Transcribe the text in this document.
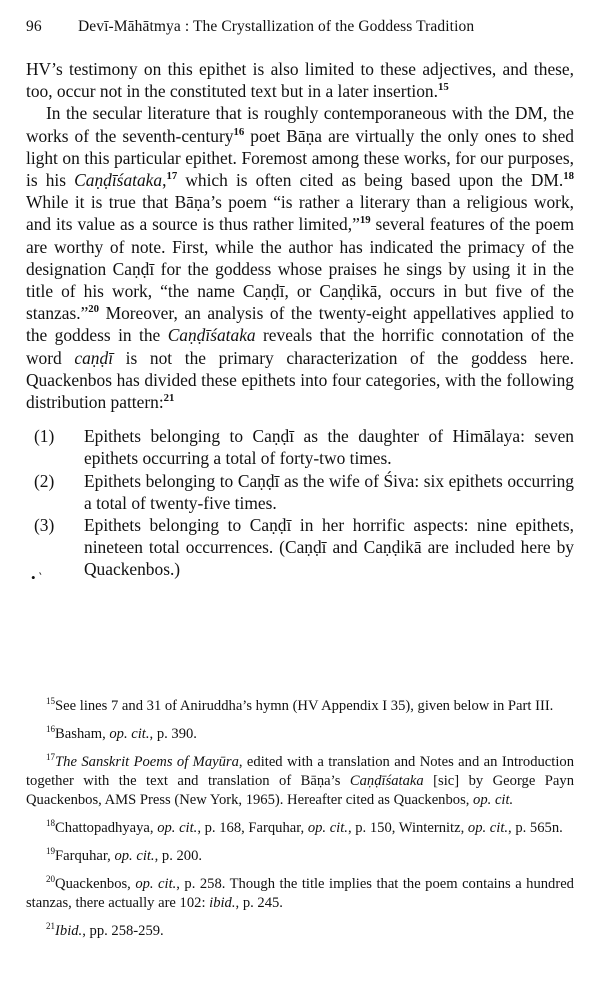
96 Devī-Māhātmya : The Crystallization of the Goddess Tradition
• ‵

HV’s testimony on this epithet is also limited to these adjectives, and these, too, occur not in the constituted text but in a later insertion.$^{15}$

In the secular literature that is roughly contemporaneous with the DM, the works of the seventh-century$^{16}$ poet Bāṇa are virtually the only ones to shed light on this particular epithet. Foremost among these works, for our purposes, is his Caṇḍīśataka,$^{17}$ which is often cited as being based upon the DM.$^{18}$ While it is true that Bāṇa’s poem “is rather a literary than a religious work, and its value as a source is thus rather limited,”$^{19}$ several features of the poem are worthy of note. First, while the author has indicated the primacy of the designation Caṇḍī for the goddess whose praises he sings by using it in the title of his work, “the name Caṇḍī, or Caṇḍikā, occurs in but five of the stanzas.”$^{20}$ Moreover, an analysis of the twenty-eight appellatives applied to the goddess in the Caṇḍīśataka reveals that the horrific connotation of the word caṇḍī is not the primary characterization of the goddess here. Quackenbos has divided these epithets into four categories, with the following distribution pattern:$^{21}$

(1) Epithets belonging to Caṇḍī as the daughter of Himālaya: seven epithets occurring a total of forty-two times.
(2) Epithets belonging to Caṇḍī as the wife of Śiva: six epithets occurring a total of twenty-five times.
(3) Epithets belonging to Caṇḍī in her horrific aspects: nine epithets, nineteen total occurrences. (Caṇḍī and Caṇḍikā are included here by Quackenbos.)

$^{15}$See lines 7 and 31 of Aniruddha’s hymn (HV Appendix I 35), given below in Part III.

$^{16}$Basham, op. cit., p. 390.

$^{17}$The Sanskrit Poems of Mayūra, edited with a translation and Notes and an Introduction together with the text and translation of Bāṇa’s Caṇḍīśataka [sic] by George Payn Quackenbos, AMS Press (New York, 1965). Hereafter cited as Quackenbos, op. cit.

$^{18}$Chattopadhyaya, op. cit., p. 168, Farquhar, op. cit., p. 150, Winternitz, op. cit., p. 565n.

$^{19}$Farquhar, op. cit., p. 200.

$^{20}$Quackenbos, op. cit., p. 258. Though the title implies that the poem contains a hundred stanzas, there actually are 102: ibid., p. 245.

$^{21}$Ibid., pp. 258-259.
